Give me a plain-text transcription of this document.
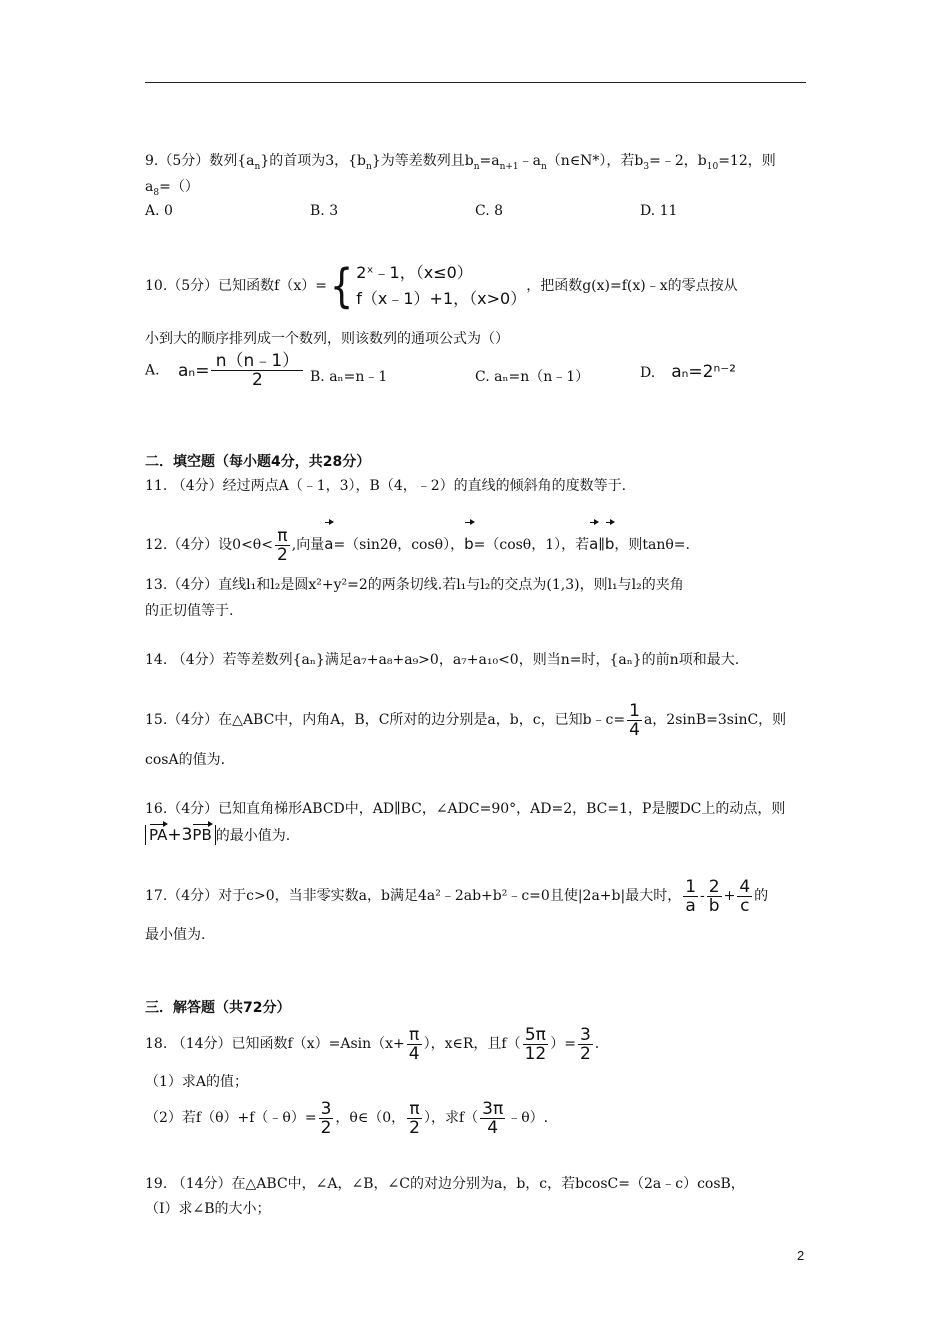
9.（5分）数列$\{a_n\}$的首项为3，$\{b_n\}$为等差数列且$b_n=a_{n+1}﹣a_n(n\in N*)$，若$b_3=﹣2$，$b_{10}=12$，则
$a_8=()$
A. 0	B. 3	C. 8	D. 11
10.（5分）已知函数f（x）={ 2ˣ﹣1，（x≤0）
f（x﹣1）+1，（x>0）
，把函数g(x)=f(x)﹣x的零点按从
小到大的顺序排列成一个数列，则该数列的通项公式为（）
A. $a_n= \frac{n(n﹣1)}{2} B$. aₙ=n﹣1	C. aₙ=n（n﹣1）	D. aₙ=2ⁿ⁻²
二．填空题（每小题4分，共28分）
11. （4分）经过两点A（﹣1，3），B（4，﹣2）的直线的倾斜角的度数等于.
12.（4分）设$0<\theta< \frac{\pi}{2}$ ,向量a=（sin2θ，cosθ），b=（cosθ，1），若a∥b，则tanθ=.
13.（4分）直线l₁和l₂是圆x²+y²=2的两条切线.若l₁与l₂的交点为(1,3)，则l₁与l₂的夹角
的正切值等于.
14. （4分）若等差数列{aₙ}满足a₇+a₈+a₉>0，a₇+a₁₀<0，则当n=时，{aₙ}的前n项和最大.
15.（4分）在△ABC中，内角A，B，C所对的边分别是a，b，c，已知b﹣c= $\frac{1}{4}$ a，2sinB=3sinC，则
cosA的值为.
16.（4分）已知直角梯形ABCD中，AD∥BC，∠ADC=90°，AD=2，BC=1，P是腰DC上的动点，则
PA+3PB 的最小值为.
17.（4分）对于c>0，当非零实数a，b满足4a²﹣2ab+b²﹣c=0且使|2a+b|最大时， $\frac{1}{a} - \frac{2}{b} + \frac{4}{c}$ 的
最小值为.
三．解答题（共72分）
18. （14分）已知函数$f(x)=Asin(x+ \frac{\pi}{4}$ ），x∈R，且$f( \frac{5\pi}{12}$ ）= $\frac{3}{2}$ .
（1）求A的值；
（2）若f（θ）+f（﹣θ）= $\frac{3}{2}$ ，θ∈（0， $\frac{\pi}{2}$ ），求$f( \frac{3\pi}{4}$ ﹣θ）.
19. （14分）在△ABC中，∠A，∠B，∠C的对边分别为a，b，c，若bcosC=（2a﹣c）cosB，
（Ⅰ）求∠B的大小；
2
